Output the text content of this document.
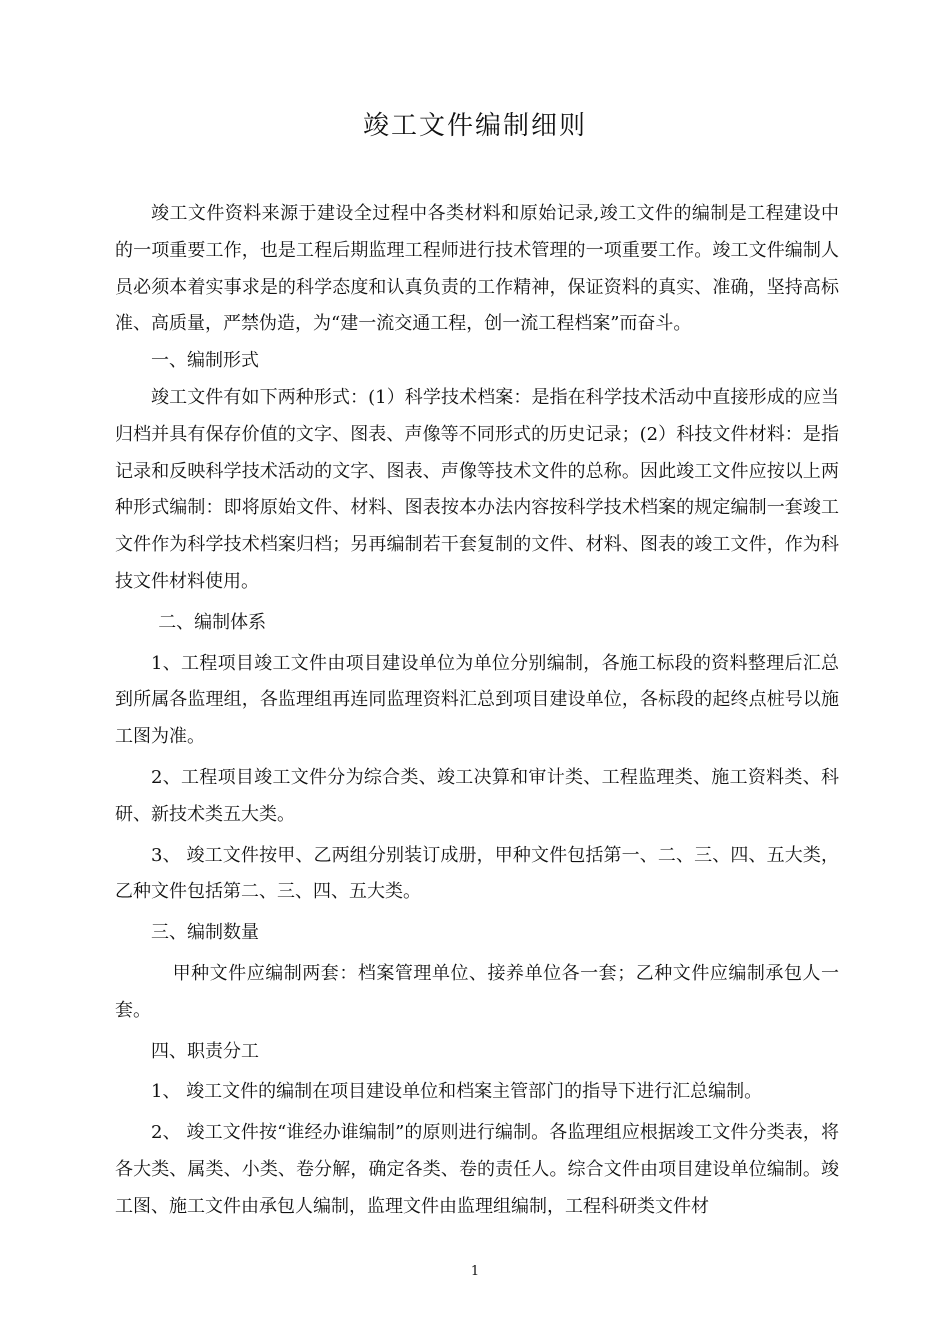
竣工文件编制细则

竣工文件资料来源于建设全过程中各类材料和原始记录,竣工文件的编制是工程建设中的一项重要工作，也是工程后期监理工程师进行技术管理的一项重要工作。竣工文件编制人员必须本着实事求是的科学态度和认真负责的工作精神，保证资料的真实、准确，坚持高标准、高质量，严禁伪造，为“建一流交通工程，创一流工程档案”而奋斗。

一、编制形式

竣工文件有如下两种形式：(1）科学技术档案：是指在科学技术活动中直接形成的应当归档并具有保存价值的文字、图表、声像等不同形式的历史记录；(2）科技文件材料：是指记录和反映科学技术活动的文字、图表、声像等技术文件的总称。因此竣工文件应按以上两种形式编制：即将原始文件、材料、图表按本办法内容按科学技术档案的规定编制一套竣工文件作为科学技术档案归档；另再编制若干套复制的文件、材料、图表的竣工文件，作为科技文件材料使用。

二、编制体系

1、工程项目竣工文件由项目建设单位为单位分别编制，各施工标段的资料整理后汇总到所属各监理组，各监理组再连同监理资料汇总到项目建设单位，各标段的起终点桩号以施工图为准。

2、工程项目竣工文件分为综合类、竣工决算和审计类、工程监理类、施工资料类、科研、新技术类五大类。

3、 竣工文件按甲、乙两组分别装订成册，甲种文件包括第一、二、三、四、五大类，乙种文件包括第二、三、四、五大类。

三、编制数量

甲种文件应编制两套：档案管理单位、接养单位各一套；乙种文件应编制承包人一套。

四、职责分工

1、 竣工文件的编制在项目建设单位和档案主管部门的指导下进行汇总编制。

2、 竣工文件按“谁经办谁编制”的原则进行编制。各监理组应根据竣工文件分类表，将各大类、属类、小类、卷分解，确定各类、卷的责任人。综合文件由项目建设单位编制。竣工图、施工文件由承包人编制，监理文件由监理组编制，工程科研类文件材

1
